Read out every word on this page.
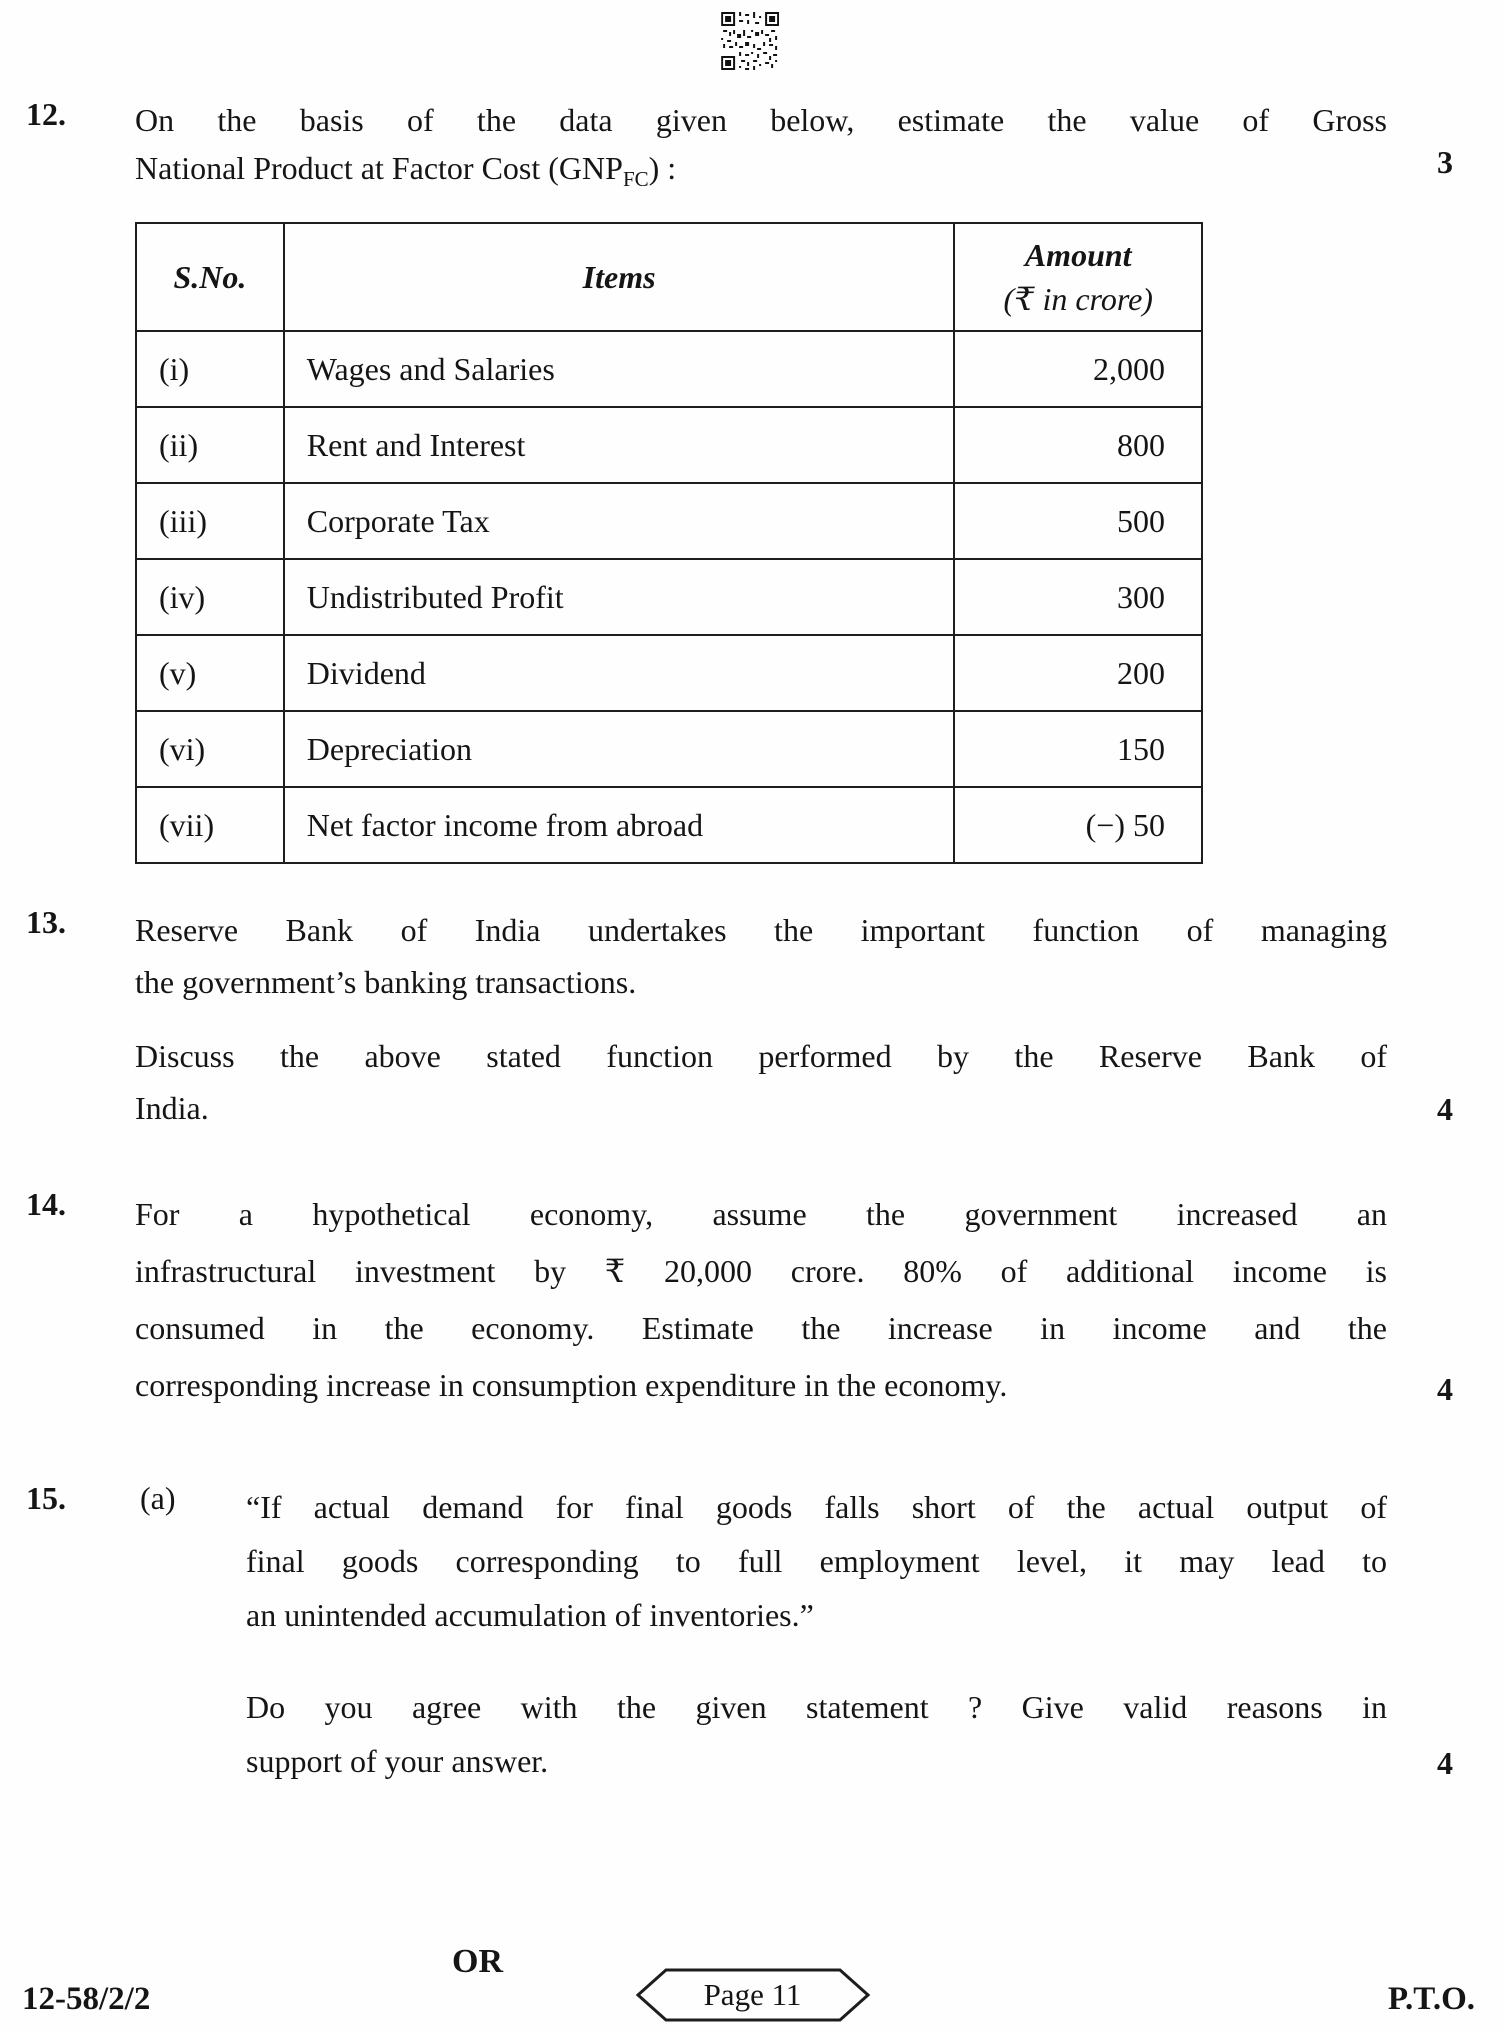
12. On the basis of the data given below, estimate the value of Gross
National Product at Factor Cost $(GNP_{FC})$ :	3
S.No.	Items	Amount
(₹ in crore)

(i)	Wages and Salaries	2,000
(ii)	Rent and Interest	800
(iii)	Corporate Tax	500
(iv)	Undistributed Profit	300
(v)	Dividend	200
(vi)	Depreciation	150
(vii)	Net factor income from abroad	(−) 50
13. Reserve Bank of India undertakes the important function of managing
the government’s banking transactions.
Discuss the above stated function performed by the Reserve Bank of
India.	4
14. For a hypothetical economy, assume the government increased an
infrastructural investment by ₹ 20,000 crore. 80% of additional income is
consumed in the economy. Estimate the increase in income and the
corresponding increase in consumption expenditure in the economy.	4
15. (a) “If actual demand for final goods falls short of the actual output of
final goods corresponding to full employment level, it may lead to
an unintended accumulation of inventories.”
Do you agree with the given statement ? Give valid reasons in
support of your answer.	4
OR
12-58/2/2	Page 11	P.T.O.
